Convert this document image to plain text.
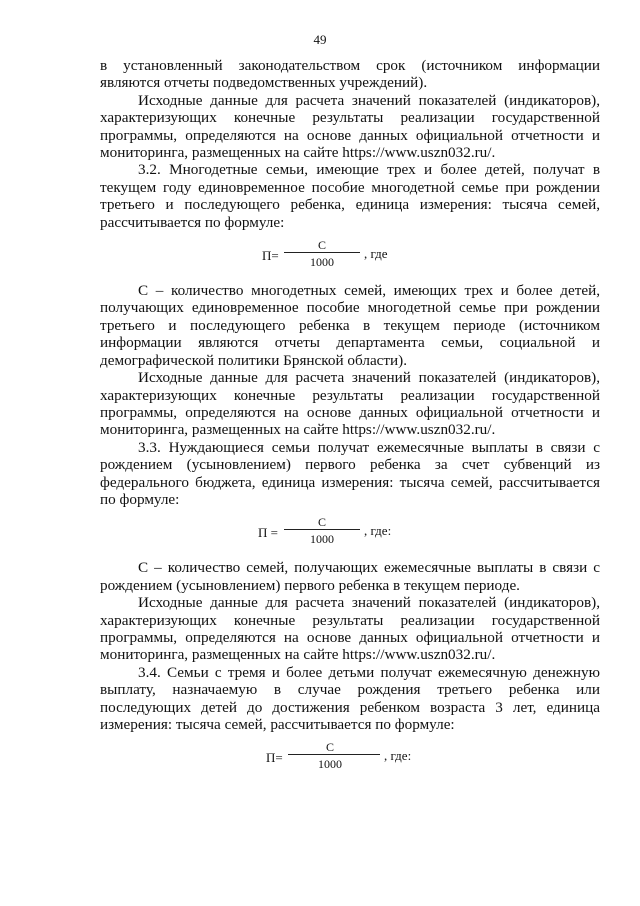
49

в установленный законодательством срок (источником информации являются отчеты подведомственных учреждений).

Исходные данные для расчета значений показателей (индикаторов), характеризующих конечные результаты реализации государственной программы, определяются на основе данных официальной отчетности и мониторинга, размещенных на сайте https://www.uszn032.ru/.

3.2. Многодетные семьи, имеющие трех и более детей, получат в текущем году единовременное пособие многодетной семье при рождении третьего и последующего ребенка, единица измерения: тысяча семей, рассчитывается по формуле:

П=
С
1000
, где

С – количество многодетных семей, имеющих трех и более детей, получающих единовременное пособие многодетной семье при рождении третьего и последующего ребенка в текущем периоде (источником информации являются отчеты департамента семьи, социальной и демографической политики Брянской области).

Исходные данные для расчета значений показателей (индикаторов), характеризующих конечные результаты реализации государственной программы, определяются на основе данных официальной отчетности и мониторинга, размещенных на сайте https://www.uszn032.ru/.

3.3. Нуждающиеся семьи получат ежемесячные выплаты в связи с рождением (усыновлением) первого ребенка за счет субвенций из федерального бюджета, единица измерения: тысяча семей, рассчитывается по формуле:

П =
С
1000
, где:

С – количество семей, получающих ежемесячные выплаты в связи с рождением (усыновлением) первого ребенка в текущем периоде.

Исходные данные для расчета значений показателей (индикаторов), характеризующих конечные результаты реализации государственной программы, определяются на основе данных официальной отчетности и мониторинга, размещенных на сайте https://www.uszn032.ru/.

3.4. Семьи с тремя и более детьми получат ежемесячную денежную выплату, назначаемую в случае рождения третьего ребенка или последующих детей до достижения ребенком возраста 3 лет, единица измерения: тысяча семей, рассчитывается по формуле:

П=
С
1000
, где:
